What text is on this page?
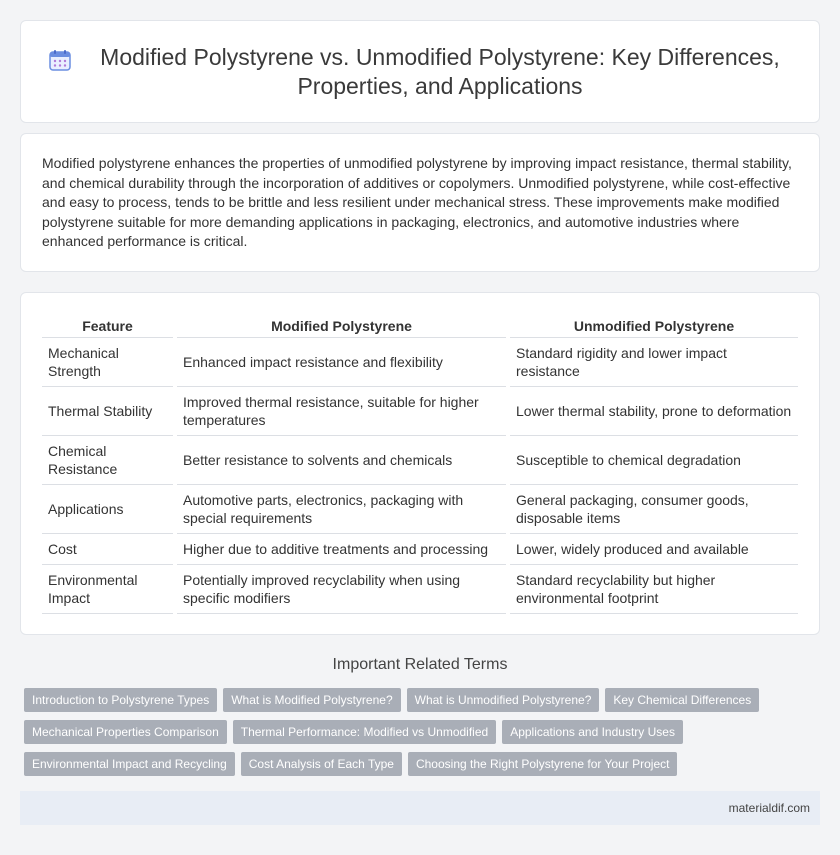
Modified Polystyrene vs. Unmodified Polystyrene: Key Differences, Properties, and Applications

Modified polystyrene enhances the properties of unmodified polystyrene by improving impact resistance, thermal stability, and chemical durability through the incorporation of additives or copolymers. Unmodified polystyrene, while cost-effective and easy to process, tends to be brittle and less resilient under mechanical stress. These improvements make modified polystyrene suitable for more demanding applications in packaging, electronics, and automotive industries where enhanced performance is critical.

Feature	Modified Polystyrene	Unmodified Polystyrene
Mechanical Strength	Enhanced impact resistance and flexibility	Standard rigidity and lower impact resistance
Thermal Stability	Improved thermal resistance, suitable for higher temperatures	Lower thermal stability, prone to deformation
Chemical Resistance	Better resistance to solvents and chemicals	Susceptible to chemical degradation
Applications	Automotive parts, electronics, packaging with special requirements	General packaging, consumer goods, disposable items
Cost	Higher due to additive treatments and processing	Lower, widely produced and available
Environmental Impact	Potentially improved recyclability when using specific modifiers	Standard recyclability but higher environmental footprint
Important Related Terms
Introduction to Polystyrene Types	What is Modified Polystyrene?	What is Unmodified Polystyrene?	Key Chemical Differences
Mechanical Properties Comparison	Thermal Performance: Modified vs Unmodified	Applications and Industry Uses
Environmental Impact and Recycling	Cost Analysis of Each Type	Choosing the Right Polystyrene for Your Project
materialdif.com
